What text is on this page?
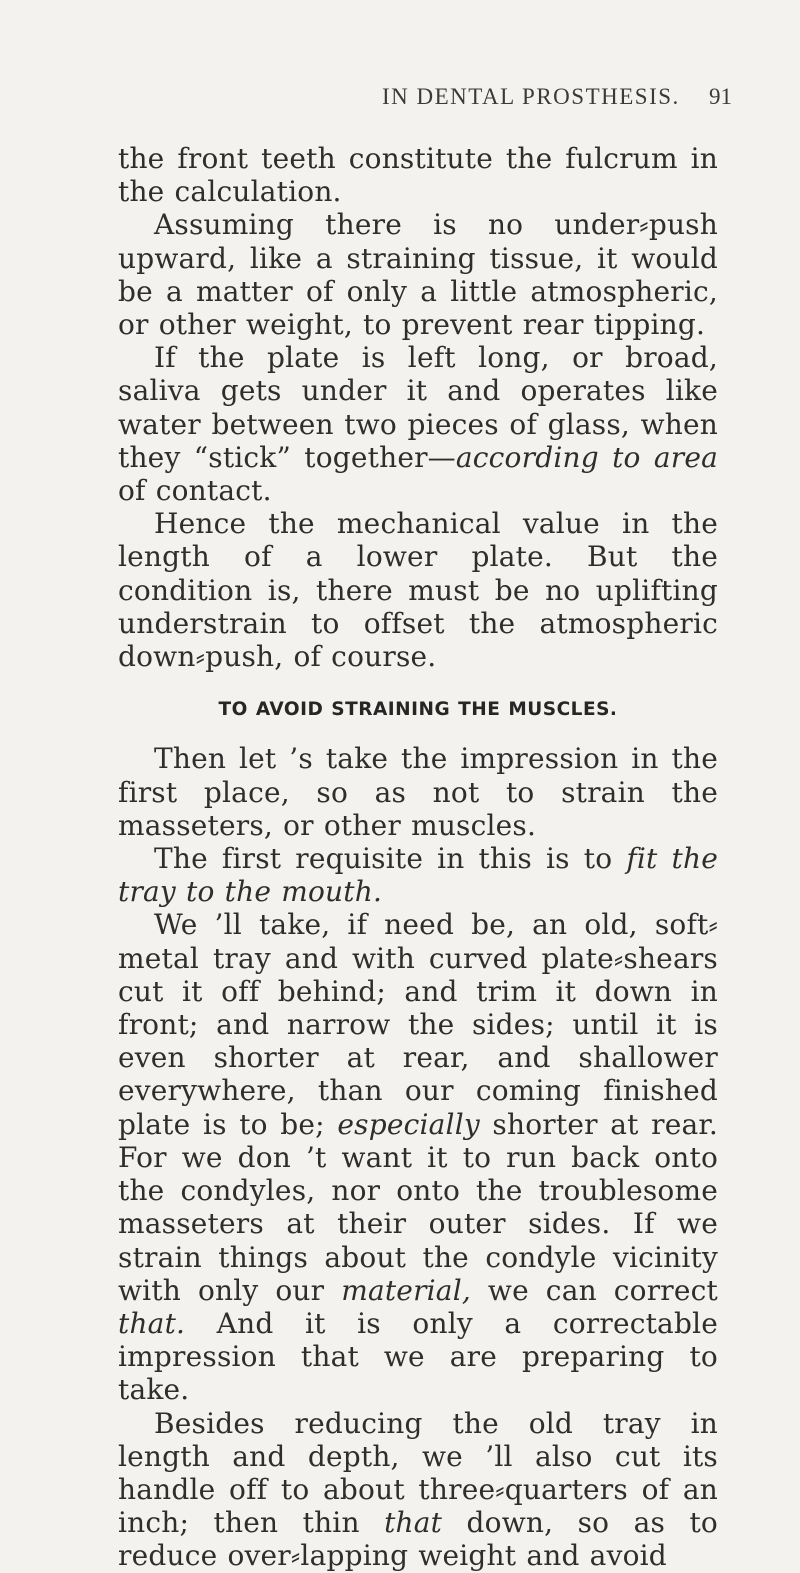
IN DENTAL PROSTHESIS. 91

the front teeth constitute the fulcrum in the calculation.

Assuming there is no under⸗push upward, like a straining tissue, it would be a matter of only a little atmospheric, or other weight, to prevent rear tipping.

If the plate is left long, or broad, saliva gets under it and operates like water between two pieces of glass, when they “stick” together—according to area of contact.

Hence the mechanical value in the length of a lower plate. But the condition is, there must be no uplifting understrain to offset the atmospheric down⸗push, of course.

TO AVOID STRAINING THE MUSCLES.

Then let ’s take the impression in the first place, so as not to strain the masseters, or other muscles.

The first requisite in this is to fit the tray to the mouth.

We ’ll take, if need be, an old, soft⸗metal tray and with curved plate⸗shears cut it off behind; and trim it down in front; and narrow the sides; until it is even shorter at rear, and shallower everywhere, than our coming finished plate is to be; especially shorter at rear. For we don ’t want it to run back onto the condyles, nor onto the troublesome masseters at their outer sides. If we strain things about the condyle vicinity with only our material, we can correct that. And it is only a correctable impression that we are preparing to take.

Besides reducing the old tray in length and depth, we ’ll also cut its handle off to about three⸗quarters of an inch; then thin that down, so as to reduce over⸗lapping weight and avoid
